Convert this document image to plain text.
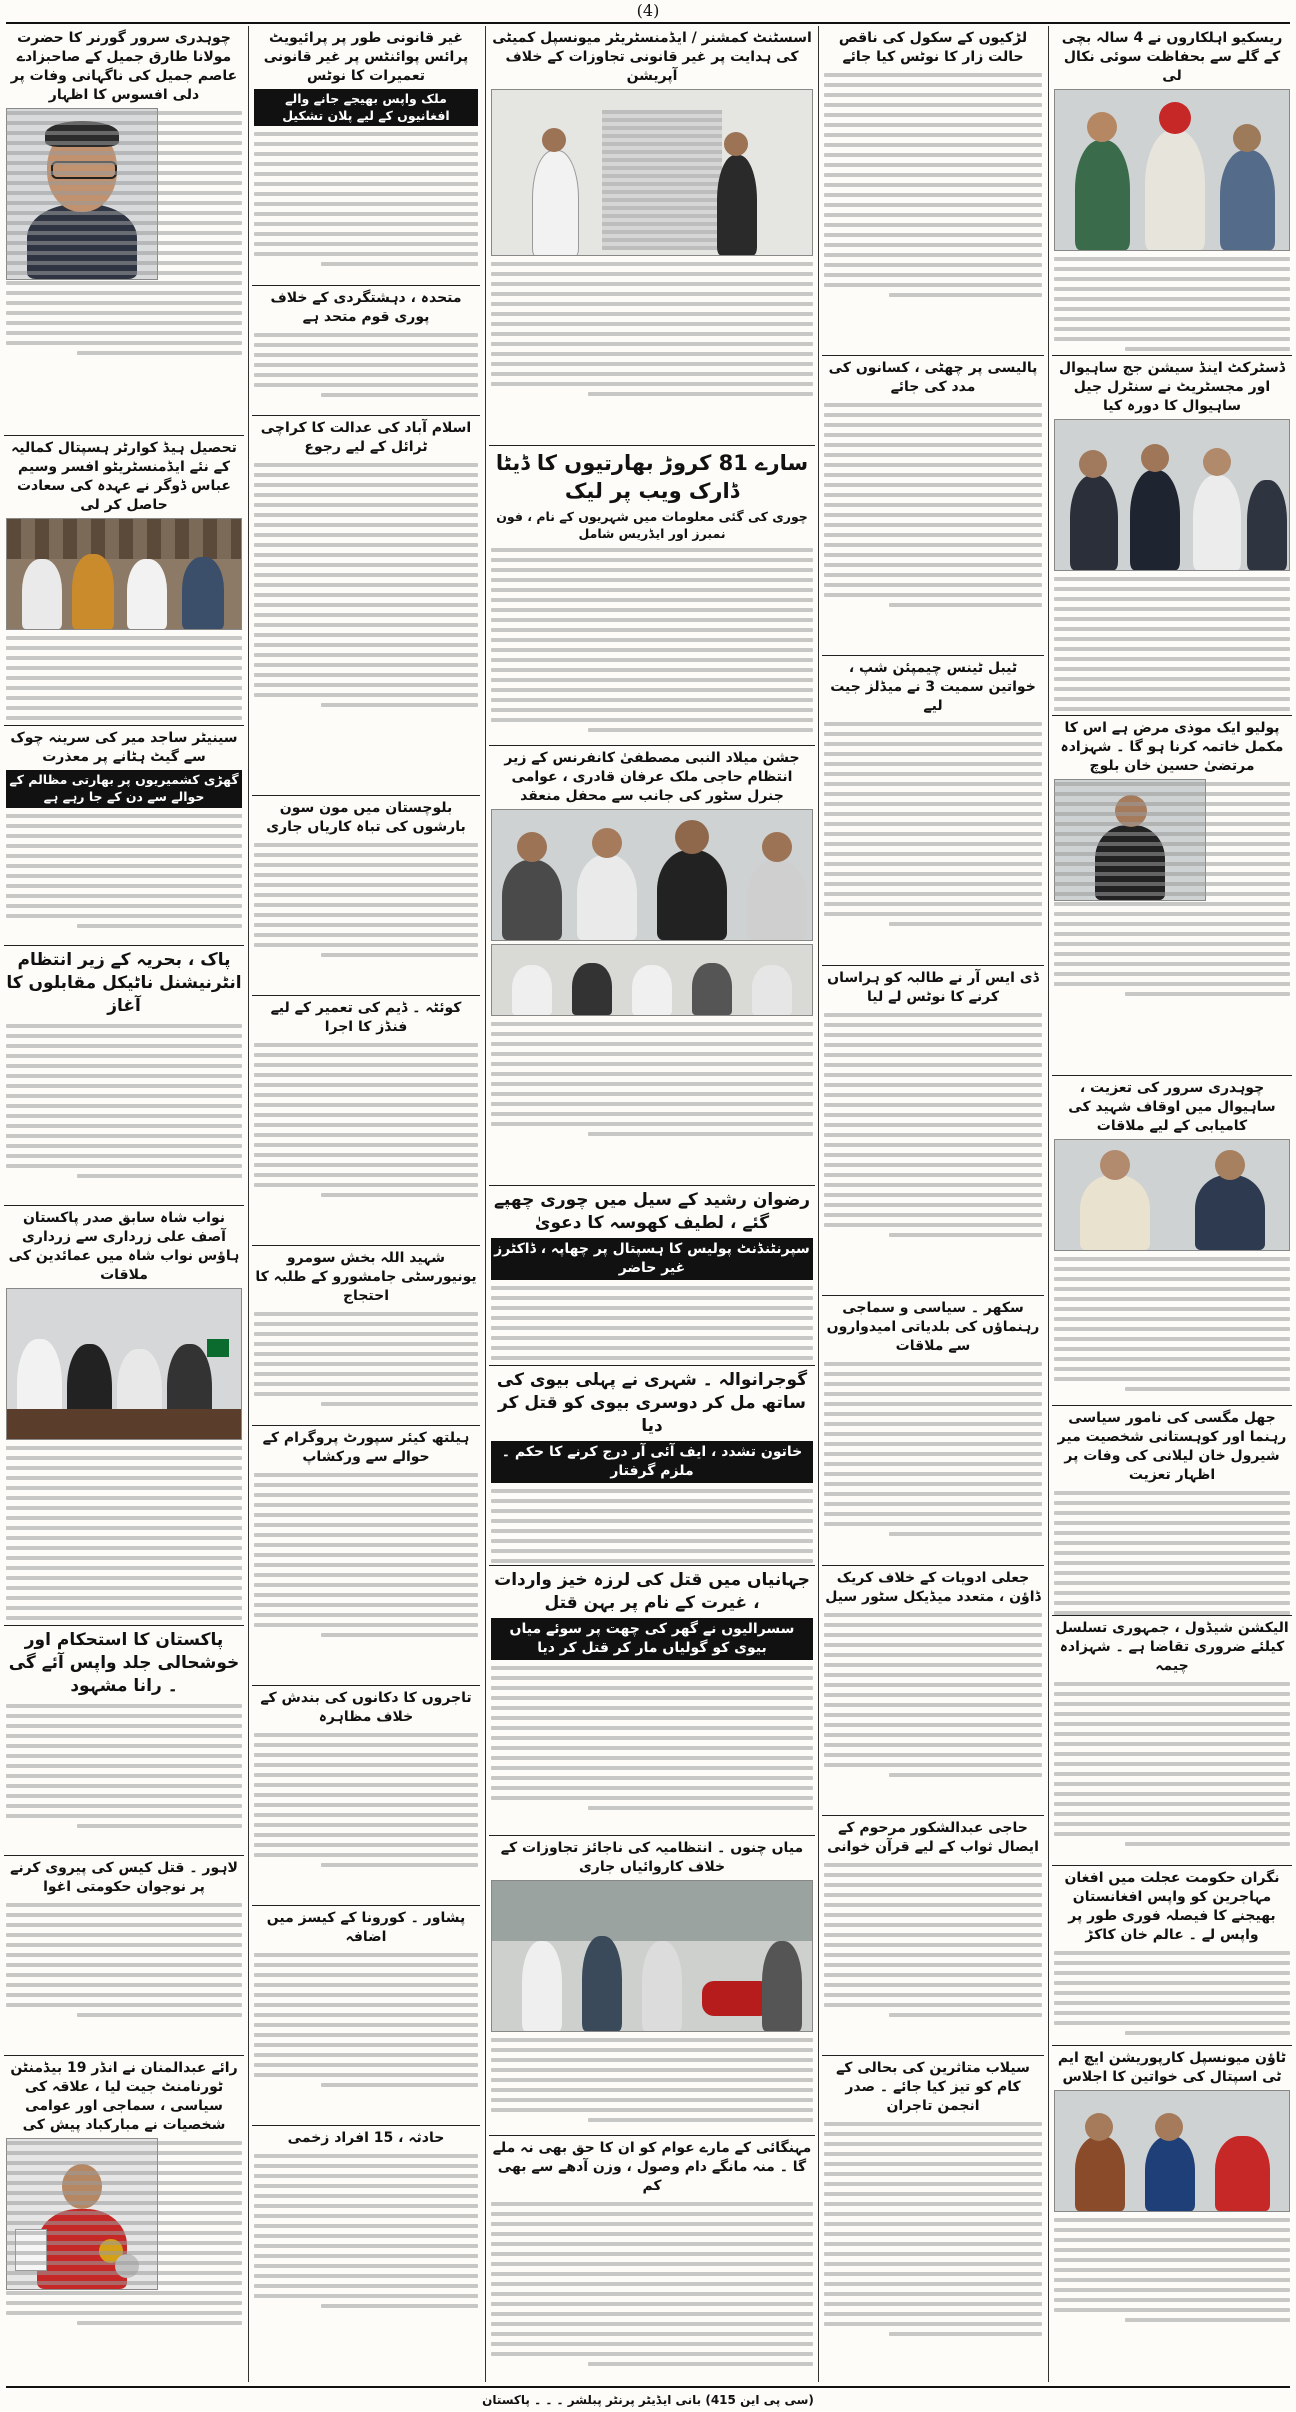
(4)
ریسکیو اہلکاروں نے 4 سالہ بچی کے گلے سے بحفاظت سوئی نکال لی
ڈسٹرکٹ اینڈ سیشن جج ساہیوال اور مجسٹریٹ نے سنٹرل جیل ساہیوال کا دورہ کیا
پولیو ایک موذی مرض ہے اس کا مکمل خاتمہ کرنا ہو گا ۔ شہزادہ مرتضیٰ حسین خان بلوچ
چوہدری سرور کی تعزیت ، ساہیوال میں اوقاف شہید کی کامیابی کے لیے ملاقات
جھل مگسی کی نامور سیاسی رہنما اور کوہستانی شخصیت میر شیرول خان لیلانی کی وفات پر اظہار تعزیت
الیکشن شیڈول ، جمہوری تسلسل کیلئے ضروری تقاضا ہے ۔ شہزادہ چیمہ
نگران حکومت عجلت میں افغان مہاجرین کو واپس افغانستان بھیجنے کا فیصلہ فوری طور پر واپس لے ۔ عالم خان کاکڑ
ٹاؤن میونسپل کارپوریشن ایچ ایم ٹی اسپتال کی خواتین کا اجلاس
لڑکیوں کے سکول کی ناقص حالت زار کا نوٹس کیا جائے
پالیسی پر چھٹی ، کسانوں کی مدد کی جائے
ٹیبل ٹینس چیمپئن شپ ، خواتین سمیت 3 نے میڈلز جیت لیے
ڈی ایس آر نے طالبہ کو ہراساں کرنے کا نوٹس لے لیا
سکھر ۔ سیاسی و سماجی رہنماؤں کی بلدیاتی امیدواروں سے ملاقات
جعلی ادویات کے خلاف کریک ڈاؤن ، متعدد میڈیکل سٹور سیل
حاجی عبدالشکور مرحوم کے ایصال ثواب کے لیے قرآن خوانی
سیلاب متاثرین کی بحالی کے کام کو تیز کیا جائے ۔ صدر انجمن تاجران
اسسٹنٹ کمشنر / ایڈمنسٹریٹر میونسپل کمیٹی کی ہدایت پر غیر قانونی تجاوزات کے خلاف آپریشن
سارے 81 کروڑ بھارتیوں کا ڈیٹا ڈارک ویب پر لیک
چوری کی گئی معلومات میں شہریوں کے نام ، فون نمبرز اور ایڈریس شامل
جشن میلاد النبی مصطفیٰ کانفرنس کے زیر انتظام حاجی ملک عرفان قادری ، عوامی جنرل سٹور کی جانب سے محفل منعقد
رضوان رشید کے سیل میں چوری چھپے گئے ، لطیف کھوسہ کا دعویٰ
سپرنٹنڈنٹ پولیس کا ہسپتال پر چھاپہ ، ڈاکٹرز غیر حاضر
گوجرانوالہ ۔ شہری نے پہلی بیوی کی ساتھ مل کر دوسری بیوی کو قتل کر دیا
خاتون تشدد ، ایف آئی آر درج کرنے کا حکم ۔ ملزم گرفتار
جہانیاں میں قتل کی لرزہ خیز واردات ، غیرت کے نام پر بہن قتل
سسرالیوں نے گھر کی چھت پر سوئے میاں بیوی کو گولیاں مار کر قتل کر دیا
میاں چنوں ۔ انتظامیہ کی ناجائز تجاوزات کے خلاف کاروائیاں جاری
مہنگائی کے مارے عوام کو ان کا حق بھی نہ ملے گا ۔ منہ مانگے دام وصول ، وزن آدھے سے بھی کم
غیر قانونی طور پر پرائیویٹ پرائس پوائنٹس پر غیر قانونی تعمیرات کا نوٹس
ملک واپس بھیجے جانے والے افغانیوں کے لیے پلان تشکیل
متحدہ ، دہشتگردی کے خلاف پوری قوم متحد ہے
اسلام آباد کی عدالت کا کراچی ٹرائل کے لیے رجوع
بلوچستان میں مون سون بارشوں کی تباہ کاریاں جاری
کوئٹہ ۔ ڈیم کی تعمیر کے لیے فنڈز کا اجرا
شہید اللہ بخش سومرو یونیورسٹی جامشورو کے طلبہ کا احتجاج
ہیلتھ کیئر سپورٹ پروگرام کے حوالے سے ورکشاپ
تاجروں کا دکانوں کی بندش کے خلاف مظاہرہ
پشاور ۔ کورونا کے کیسز میں اضافہ
حادثہ ، 15 افراد زخمی
چوہدری سرور گورنر کا حضرت مولانا طارق جمیل کے صاحبزادے عاصم جمیل کی ناگہانی وفات پر دلی افسوس کا اظہار
تحصیل ہیڈ کوارٹر ہسپتال کمالیہ کے نئے ایڈمنسٹریٹو افسر وسیم عباس ڈوگر نے عہدہ کی سعادت حاصل کر لی
سینیٹر ساجد میر کی سرینہ چوک سے گیٹ ہٹانے پر معذرت
گھڑی کشمیریوں پر بھارتی مظالم کے حوالے سے دن کے جا رہے ہے
پاک ، بحریہ کے زیر انتظام انٹرنیشنل ناٹیکل مقابلوں کا آغاز
نواب شاہ سابق صدر پاکستان آصف علی زرداری سے زرداری ہاؤس نواب شاہ میں عمائدین کی ملاقات
پاکستان کا استحکام اور خوشحالی جلد واپس آئے گی ۔ رانا مشہود
لاہور ۔ قتل کیس کی پیروی کرنے پر نوجوان حکومتی اغوا
رائے عبدالمنان نے انڈر 19 بیڈمنٹن ٹورنامنٹ جیت لیا ، علاقہ کی سیاسی ، سماجی اور عوامی شخصیات نے مبارکباد پیش کی
(سی پی این 415) بانی ایڈیٹر پرنٹر پبلشر ۔ ۔ ۔ پاکستان
